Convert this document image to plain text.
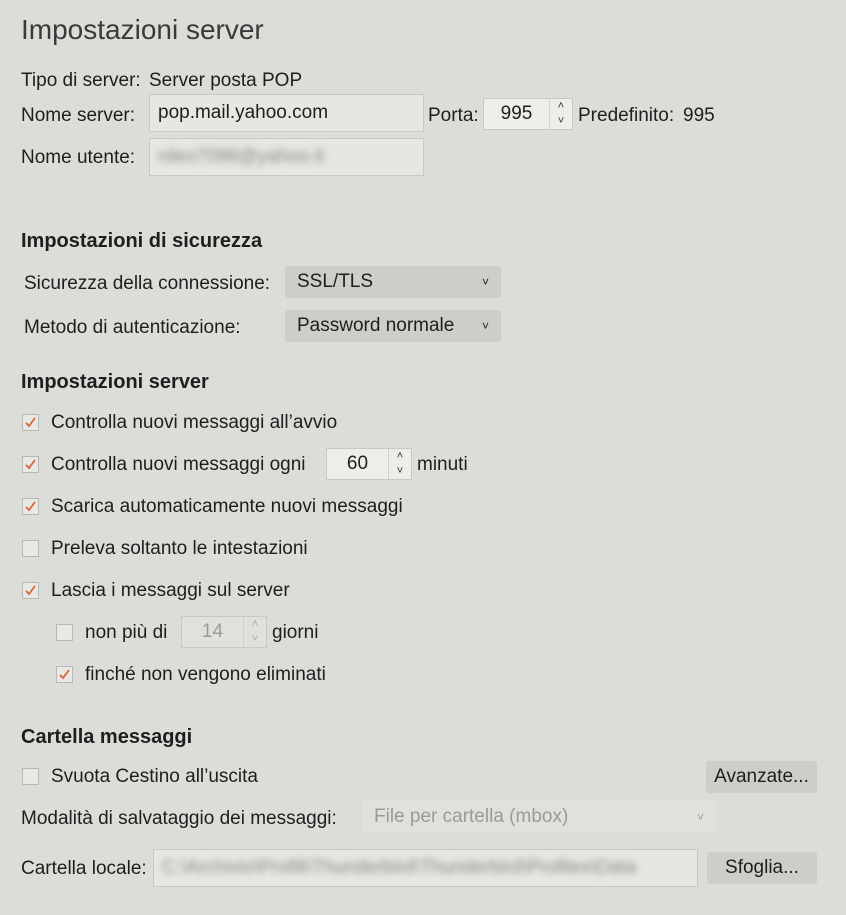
Impostazioni server
Tipo di server: Server posta POP
Nome server: pop.mail.yahoo.com	Porta:	995	˄
˅ Predefinito: 995
Nome utente: rdeo7098@yahoo.it
Impostazioni di sicurezza
Sicurezza della connessione: SSL/TLS	˅
Metodo di autenticazione:	Password normale ˅
Impostazioni server
Controlla nuovi messaggi all’avvio
Controlla nuovi messaggi ogni	60	˄
˅ minuti
Scarica automaticamente nuovi messaggi
Preleva soltanto le intestazioni
Lascia i messaggi sul server
non più di	14	˄
˅ giorni
finché non vengono eliminati
Cartella messaggi
Svuota Cestino all’uscita	Avanzate...
Modalità di salvataggio dei messaggi: File per cartella (mbox)	˅
Cartella locale: C:\Archivio\Profili\Thunderbird\Thunderbird\Profiles\Data	Sfoglia...
